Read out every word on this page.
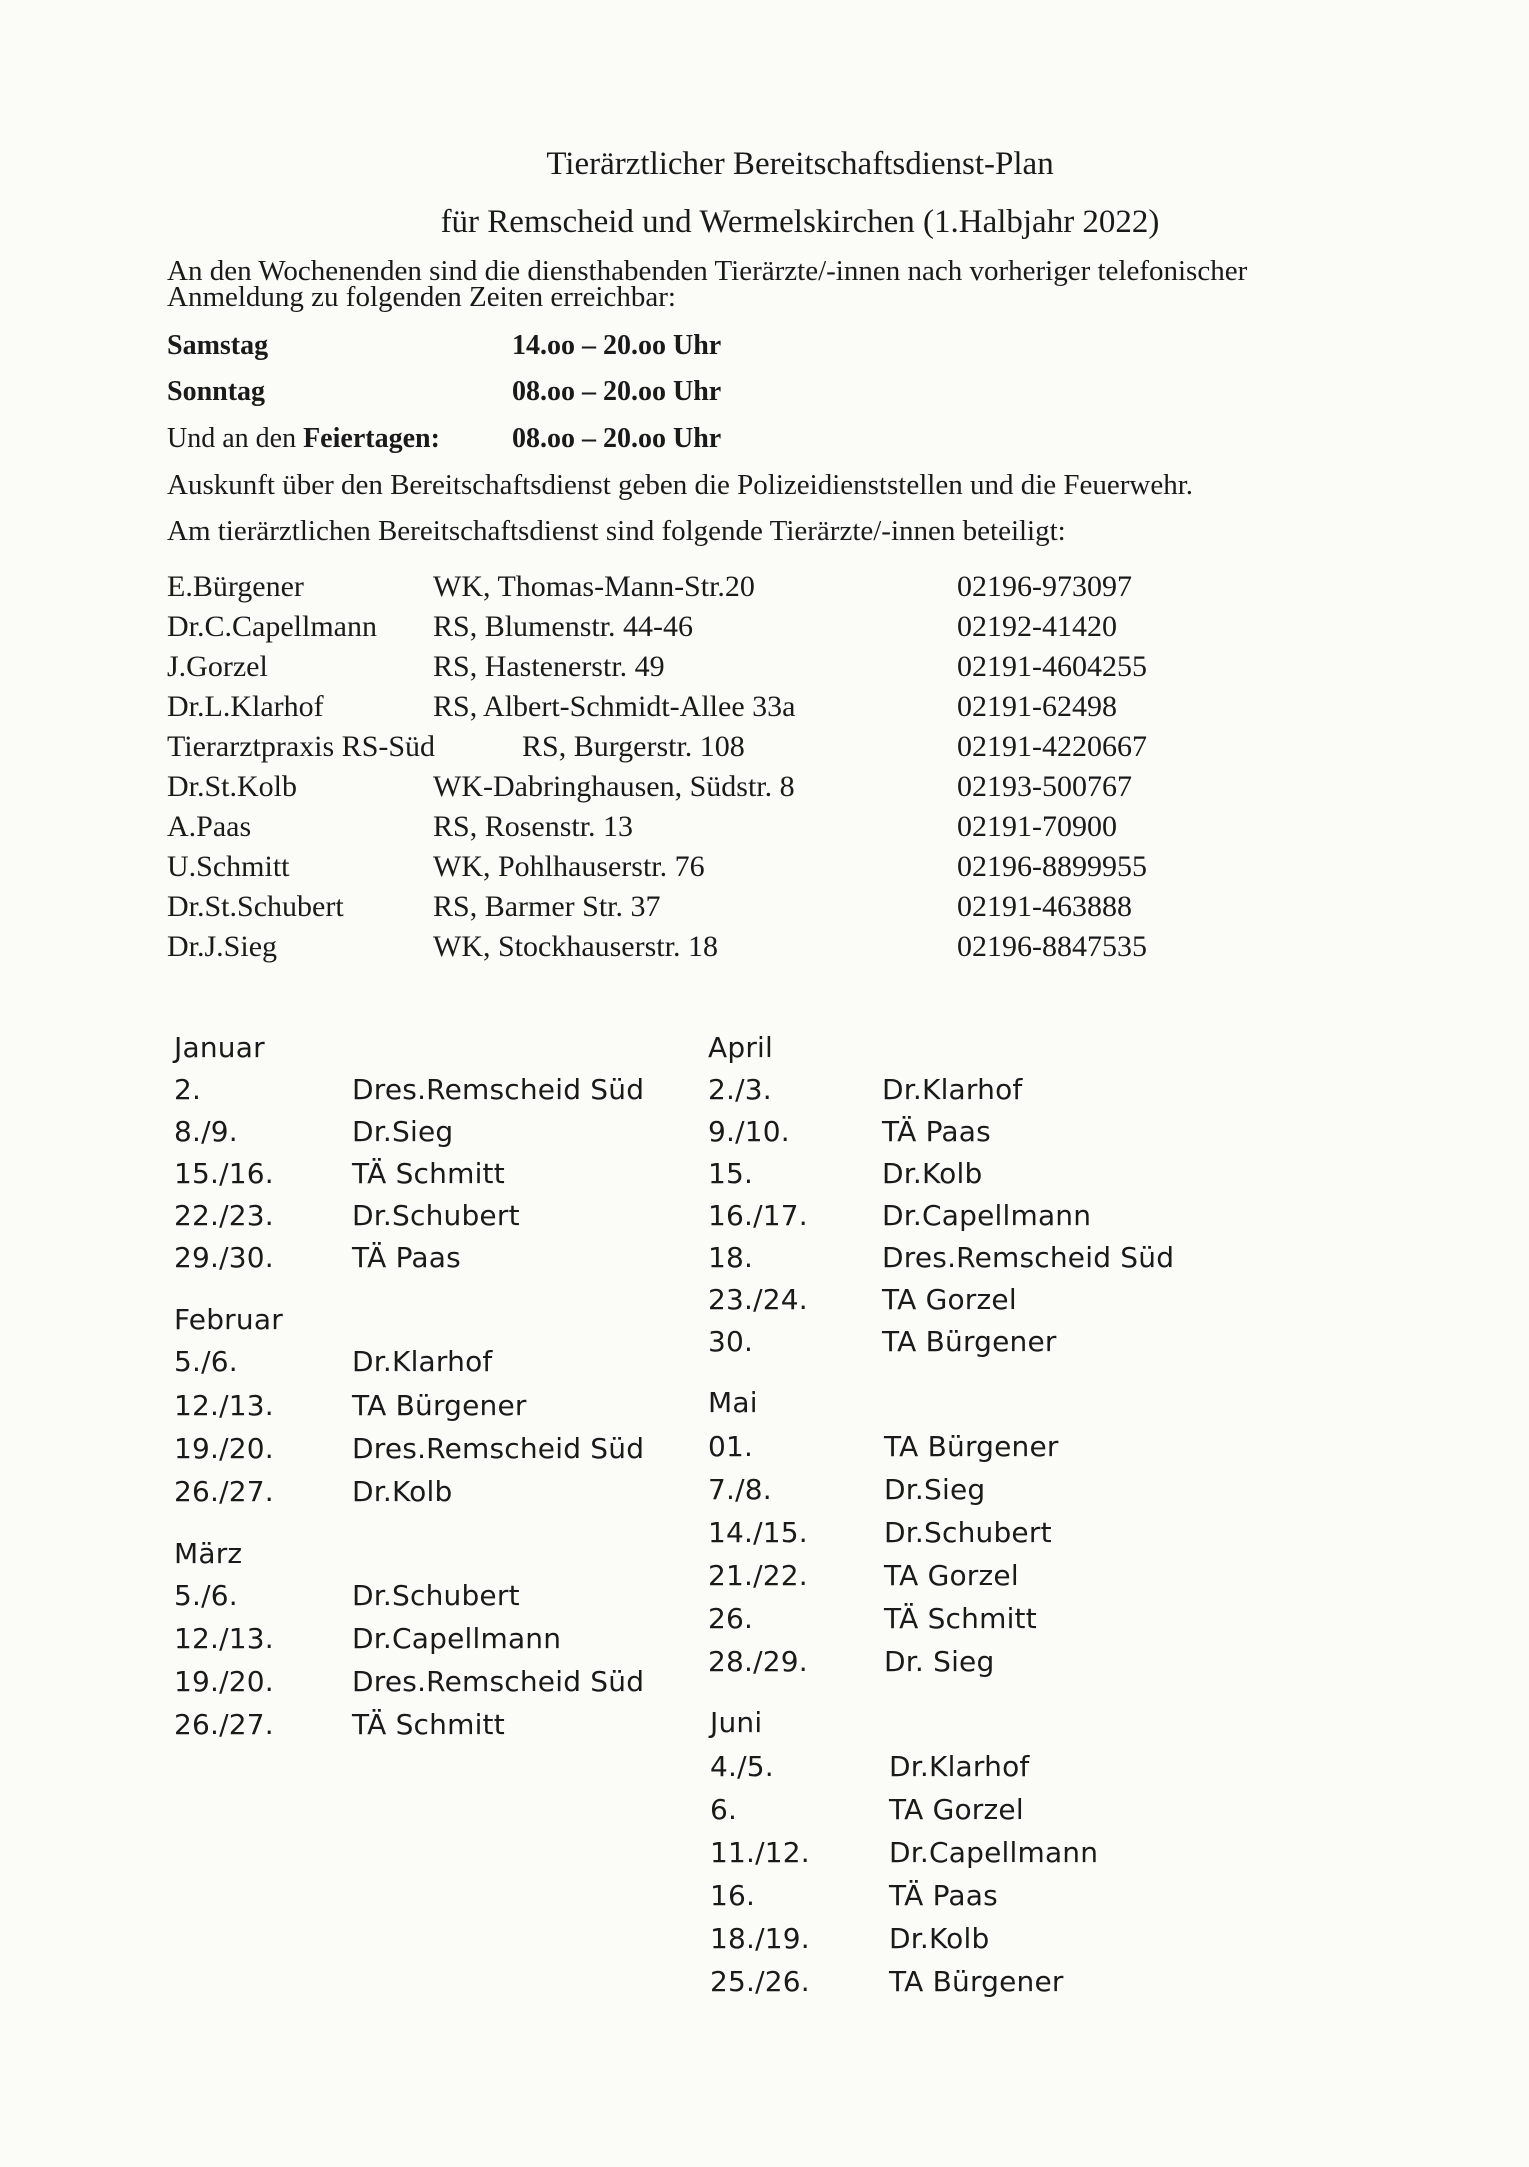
Tierärztlicher Bereitschaftsdienst-Plan
für Remscheid und Wermelskirchen (1.Halbjahr 2022)
An den Wochenenden sind die diensthabenden Tierärzte/-innen nach vorheriger telefonischer
Anmeldung zu folgenden Zeiten erreichbar:
Samstag	14.oo – 20.oo Uhr
Sonntag	08.oo – 20.oo Uhr
Und an den Feiertagen:	08.oo – 20.oo Uhr
Auskunft über den Bereitschaftsdienst geben die Polizeidienststellen und die Feuerwehr.
Am tierärztlichen Bereitschaftsdienst sind folgende Tierärzte/-innen beteiligt:
E.Bürgener	WK, Thomas-Mann-Str.20	02196-973097
Dr.C.Capellmann RS, Blumenstr. 44-46	02192-41420
J.Gorzel	RS, Hastenerstr. 49	02191-4604255
Dr.L.Klarhof	RS, Albert-Schmidt-Allee 33a	02191-62498
Tierarztpraxis RS-Süd	RS, Burgerstr. 108	02191-4220667
Dr.St.Kolb	WK-Dabringhausen, Südstr. 8	02193-500767
A.Paas	RS, Rosenstr. 13	02191-70900
U.Schmitt	WK, Pohlhauserstr. 76	02196-8899955
Dr.St.Schubert	RS, Barmer Str. 37	02191-463888
Dr.J.Sieg	WK, Stockhauserstr. 18	02196-8847535
Januar
2.	Dres.Remscheid Süd
8./9.	Dr.Sieg
15./16.	TÄ Schmitt
22./23.	Dr.Schubert
29./30.	TÄ Paas
Februar
5./6.	Dr.Klarhof
12./13.	TA Bürgener
19./20.	Dres.Remscheid Süd
26./27.	Dr.Kolb
März
5./6.	Dr.Schubert
12./13.	Dr.Capellmann
19./20.	Dres.Remscheid Süd
26./27.	TÄ Schmitt
April
2./3.	Dr.Klarhof
9./10.	TÄ Paas
15.	Dr.Kolb
16./17.	Dr.Capellmann
18.	Dres.Remscheid Süd
23./24.	TA Gorzel
30.	TA Bürgener
Mai
01.	TA Bürgener
7./8.	Dr.Sieg
14./15.	Dr.Schubert
21./22.	TA Gorzel
26.	TÄ Schmitt
28./29.	Dr. Sieg
Juni
4./5.	Dr.Klarhof
6.	TA Gorzel
11./12.	Dr.Capellmann
16.	TÄ Paas
18./19.	Dr.Kolb
25./26.	TA Bürgener
